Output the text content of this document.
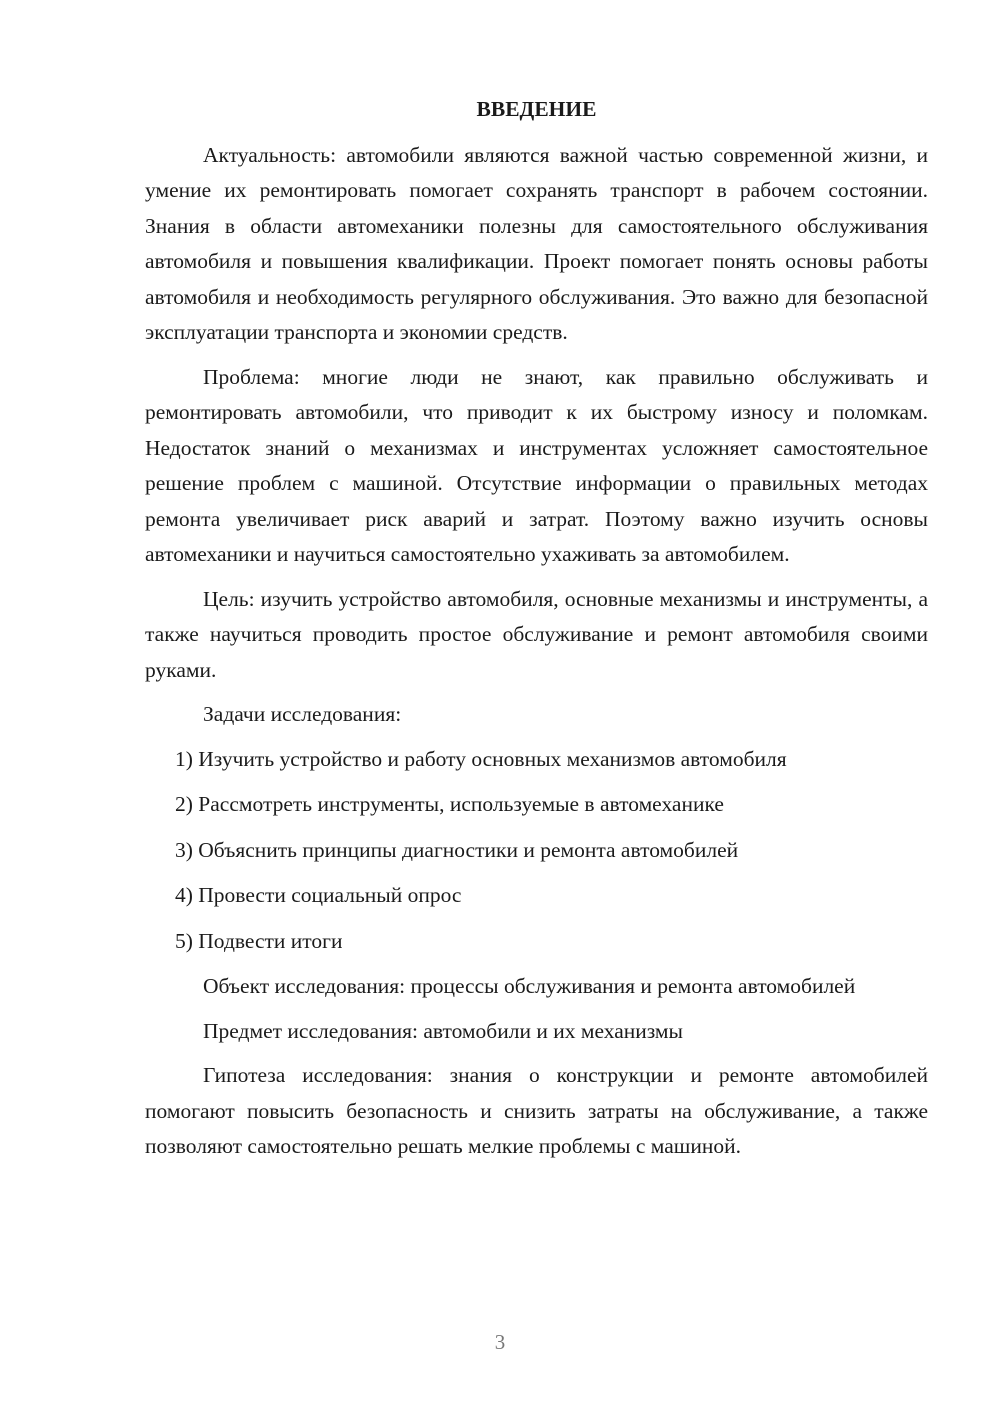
ВВЕДЕНИЕ

Актуальность: автомобили являются важной частью современной жизни, и умение их ремонтировать помогает сохранять транспорт в рабочем состоянии. Знания в области автомеханики полезны для самостоятельного обслуживания автомобиля и повышения квалификации. Проект помогает понять основы работы автомобиля и необходимость регулярного обслуживания. Это важно для безопасной эксплуатации транспорта и экономии средств.

Проблема: многие люди не знают, как правильно обслуживать и ремонтировать автомобили, что приводит к их быстрому износу и поломкам. Недостаток знаний о механизмах и инструментах усложняет самостоятельное решение проблем с машиной. Отсутствие информации о правильных методах ремонта увеличивает риск аварий и затрат. Поэтому важно изучить основы автомеханики и научиться самостоятельно ухаживать за автомобилем.

Цель: изучить устройство автомобиля, основные механизмы и инструменты, а также научиться проводить простое обслуживание и ремонт автомобиля своими руками.

Задачи исследования:

1) Изучить устройство и работу основных механизмов автомобиля
2) Рассмотреть инструменты, используемые в автомеханике
3) Объяснить принципы диагностики и ремонта автомобилей
4) Провести социальный опрос
5) Подвести итоги

Объект исследования: процессы обслуживания и ремонта автомобилей

Предмет исследования: автомобили и их механизмы

Гипотеза исследования: знания о конструкции и ремонте автомобилей помогают повысить безопасность и снизить затраты на обслуживание, а также позволяют самостоятельно решать мелкие проблемы с машиной.

3
